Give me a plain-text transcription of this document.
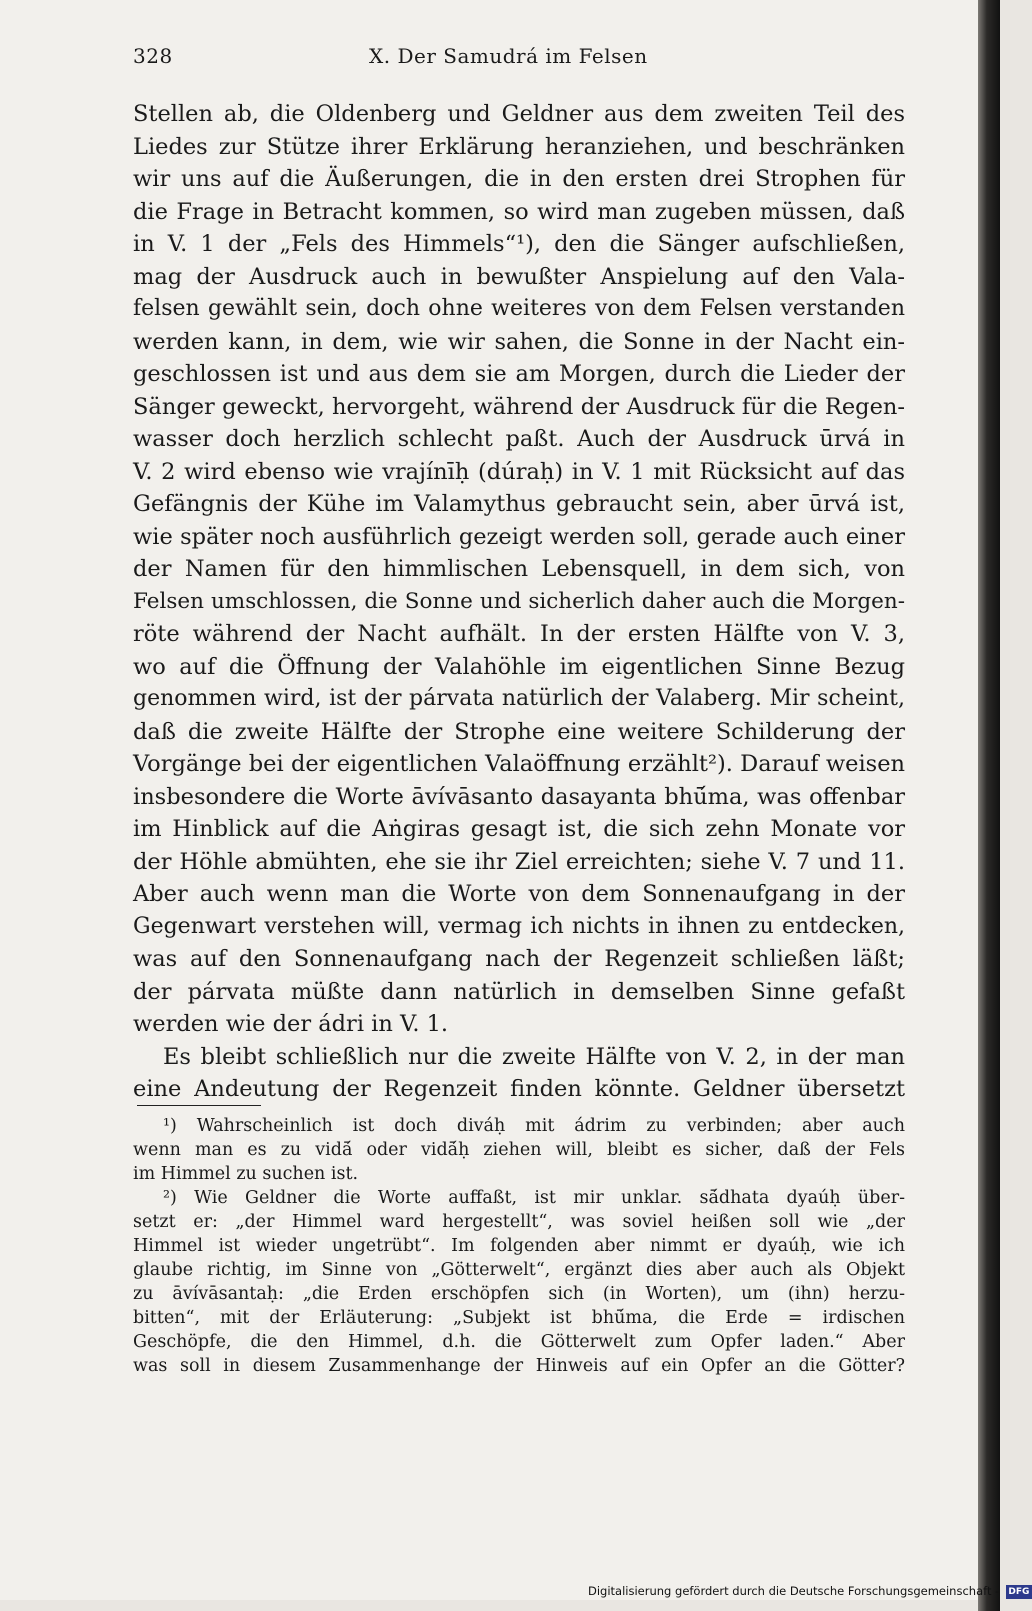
328	X. Der Samudrá im Felsen
Stellen ab, die Oldenberg und Geldner aus dem zweiten Teil des
Liedes zur Stütze ihrer Erklärung heranziehen, und beschränken
wir uns auf die Äußerungen, die in den ersten drei Strophen für
die Frage in Betracht kommen, so wird man zugeben müssen, daß
in V. 1 der „Fels des Himmels“¹), den die Sänger aufschließen,
mag der Ausdruck auch in bewußter Anspielung auf den Vala-
felsen gewählt sein, doch ohne weiteres von dem Felsen verstanden
werden kann, in dem, wie wir sahen, die Sonne in der Nacht ein-
geschlossen ist und aus dem sie am Morgen, durch die Lieder der
Sänger geweckt, hervorgeht, während der Ausdruck für die Regen-
wasser doch herzlich schlecht paßt. Auch der Ausdruck ūrvá in
V. 2 wird ebenso wie vrajínīḥ (dúraḥ) in V. 1 mit Rücksicht auf das
Gefängnis der Kühe im Valamythus gebraucht sein, aber ūrvá ist,
wie später noch ausführlich gezeigt werden soll, gerade auch einer
der Namen für den himmlischen Lebensquell, in dem sich, von
Felsen umschlossen, die Sonne und sicherlich daher auch die Morgen-
röte während der Nacht aufhält. In der ersten Hälfte von V. 3,
wo auf die Öffnung der Valahöhle im eigentlichen Sinne Bezug
genommen wird, ist der párvata natürlich der Valaberg. Mir scheint,
daß die zweite Hälfte der Strophe eine weitere Schilderung der
Vorgänge bei der eigentlichen Valaöffnung erzählt²). Darauf weisen
insbesondere die Worte āvívāsanto dasayanta bhū́ma, was offenbar
im Hinblick auf die Aṅgiras gesagt ist, die sich zehn Monate vor
der Höhle abmühten, ehe sie ihr Ziel erreichten; siehe V. 7 und 11.
Aber auch wenn man die Worte von dem Sonnenaufgang in der
Gegenwart verstehen will, vermag ich nichts in ihnen zu entdecken,
was auf den Sonnenaufgang nach der Regenzeit schließen läßt;
der párvata müßte dann natürlich in demselben Sinne gefaßt
werden wie der ádri in V. 1.
Es bleibt schließlich nur die zweite Hälfte von V. 2, in der man
eine Andeutung der Regenzeit finden könnte. Geldner übersetzt
¹) Wahrscheinlich ist doch diváḥ mit ádrim zu verbinden; aber auch
wenn man es zu vidā́ oder vidā́ḥ ziehen will, bleibt es sicher, daß der Fels
im Himmel zu suchen ist.
²) Wie Geldner die Worte auffaßt, ist mir unklar. sā́dhata dyaúḥ über-
setzt er: „der Himmel ward hergestellt“, was soviel heißen soll wie „der
Himmel ist wieder ungetrübt“. Im folgenden aber nimmt er dyaúḥ, wie ich
glaube richtig, im Sinne von „Götterwelt“, ergänzt dies aber auch als Objekt
zu āvívāsantaḥ: „die Erden erschöpfen sich (in Worten), um (ihn) herzu-
bitten“, mit der Erläuterung: „Subjekt ist bhū́ma, die Erde = irdischen
Geschöpfe, die den Himmel, d.h. die Götterwelt zum Opfer laden.“ Aber
was soll in diesem Zusammenhange der Hinweis auf ein Opfer an die Götter?
Digitalisierung gefördert durch die Deutsche Forschungsgemeinschaft - DFG
